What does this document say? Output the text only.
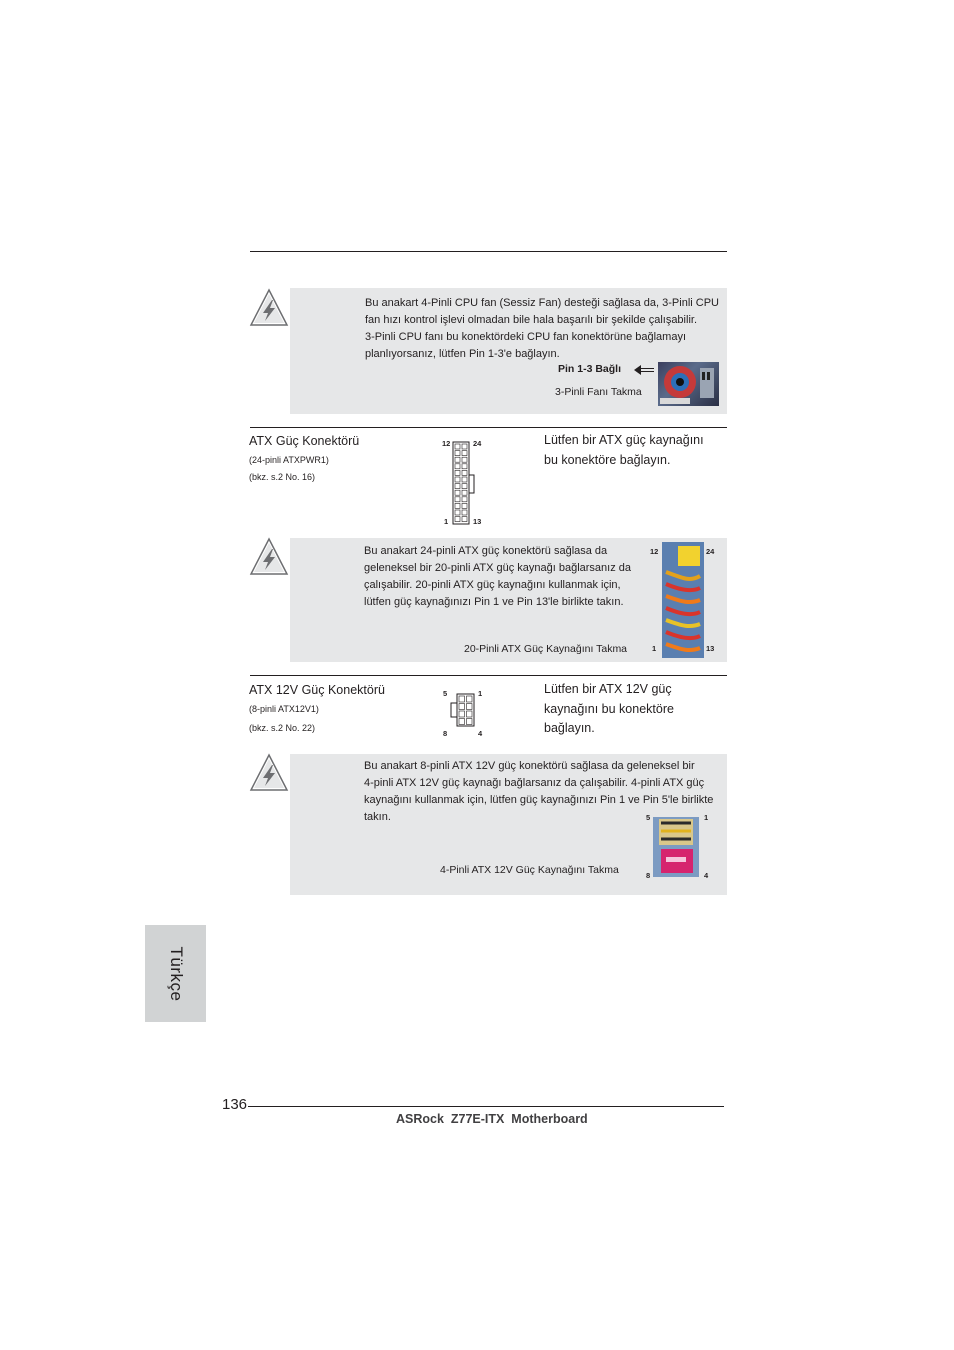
Bu anakart 4-Pinli CPU fan (Sessiz Fan) desteği sağlasa da, 3-Pinli CPU
fan hızı kontrol işlevi olmadan bile hala başarılı bir şekilde çalışabilir.
3-Pinli CPU fanı bu konektördeki CPU fan konektörüne bağlamayı
planlıyorsanız, lütfen Pin 1-3'e bağlayın.
Pin 1-3 Bağlı
3-Pinli Fanı Takma
ATX Güç Konektörü
(24-pinli ATXPWR1)
(bkz. s.2 No. 16)
12	24
1	13
Lütfen bir ATX güç kaynağını
bu konektöre bağlayın.
Bu anakart 24-pinli ATX güç konektörü sağlasa da
geleneksel bir 20-pinli ATX güç kaynağı bağlarsanız da
çalışabilir. 20-pinli ATX güç kaynağını kullanmak için,
lütfen güç kaynağınızı Pin 1 ve Pin 13'le birlikte takın.
20-Pinli ATX Güç Kaynağını Takma
12	24
1	13
ATX 12V Güç Konektörü
(8-pinli ATX12V1)
(bkz. s.2 No. 22)
5	1
8	4
Lütfen bir ATX 12V güç
kaynağını bu konektöre
bağlayın.
Bu anakart 8-pinli ATX 12V güç konektörü sağlasa da geleneksel bir
4-pinli ATX 12V güç kaynağı bağlarsanız da çalışabilir. 4-pinli ATX güç
kaynağını kullanmak için, lütfen güç kaynağınızı Pin 1 ve Pin 5'le birlikte
takın.
4-Pinli ATX 12V Güç Kaynağını Takma
5	1
8	4
Türkçe
136
ASRock  Z77E-ITX  Motherboard
